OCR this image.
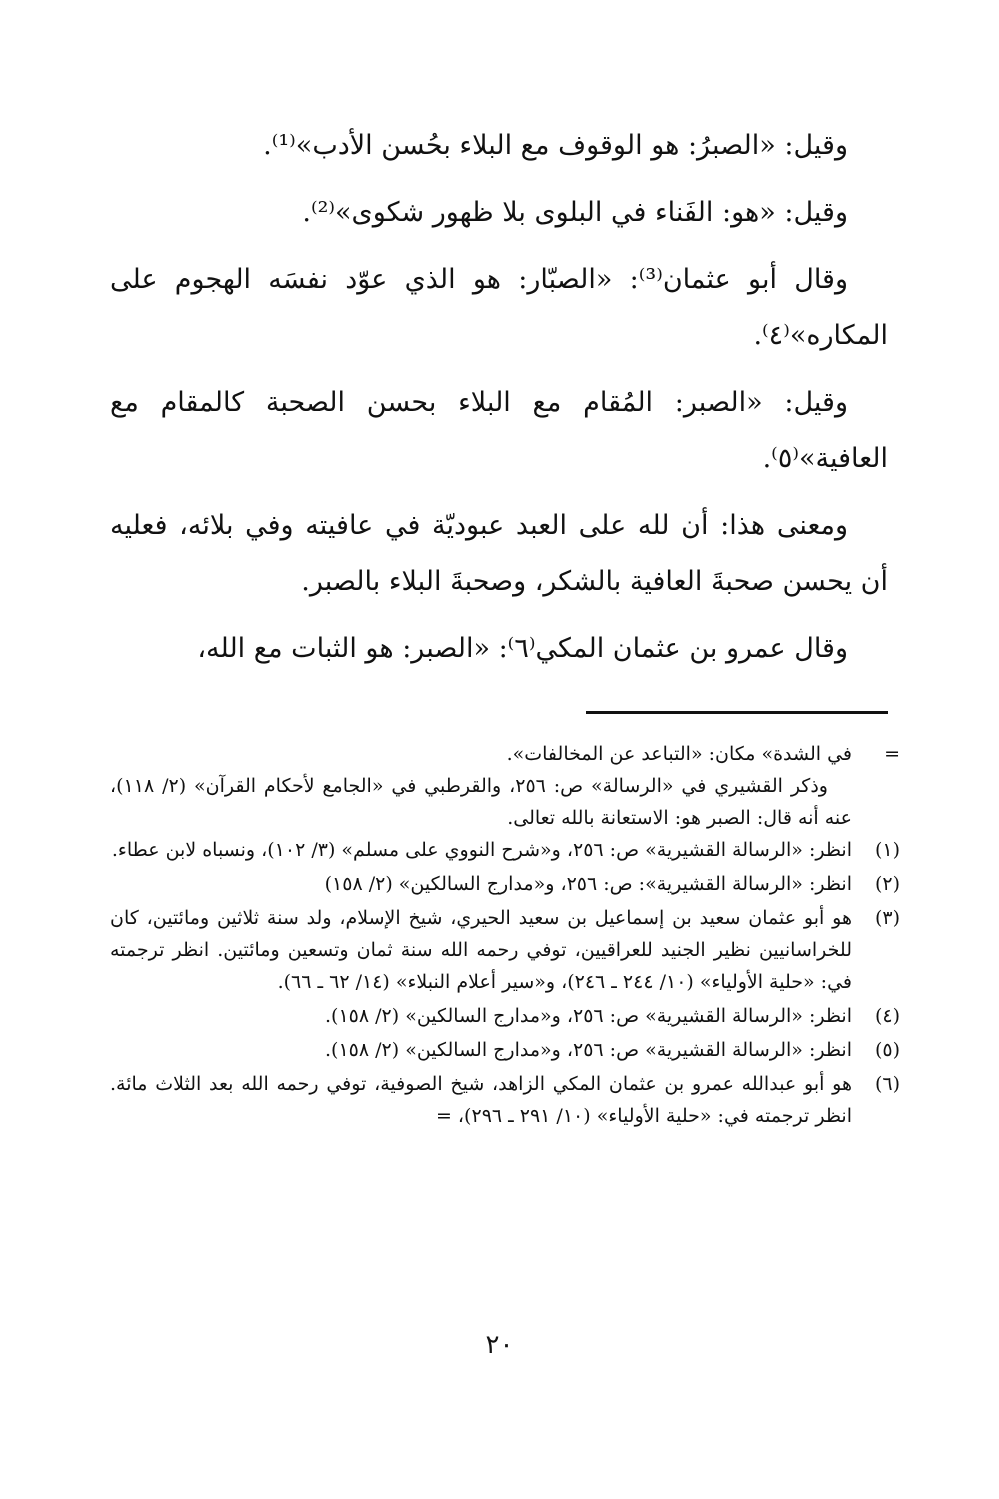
وقيل: «الصبرُ: هو الوقوف مع البلاء بحُسن الأدب»⁽¹⁾.

وقيل: «هو: الفَناء في البلوى بلا ظهور شكوى»⁽²⁾.

وقال أبو عثمان⁽³⁾: «الصبّار: هو الذي عوّد نفسَه الهجوم على المكاره»⁽٤⁾.

وقيل: «الصبر: المُقام مع البلاء بحسن الصحبة كالمقام مع العافية»⁽٥⁾.

ومعنى هذا: أن لله على العبد عبوديّة في عافيته وفي بلائه، فعليه أن يحسن صحبةَ العافية بالشكر، وصحبةَ البلاء بالصبر.

وقال عمرو بن عثمان المكي⁽٦⁾: «الصبر: هو الثبات مع الله،

=
في الشدة» مكان: «التباعد عن المخالفات».
وذكر القشيري في «الرسالة» ص: ٢٥٦، والقرطبي في «الجامع لأحكام القرآن» (٢/ ١١٨)، عنه أنه قال: الصبر هو: الاستعانة بالله تعالى.
(١)
انظر: «الرسالة القشيرية» ص: ٢٥٦، و«شرح النووي على مسلم» (٣/ ١٠٢)، ونسباه لابن عطاء.
(٢)
انظر: «الرسالة القشيرية»: ص: ٢٥٦، و«مدارج السالكين» (٢/ ١٥٨)
(٣)
هو أبو عثمان سعيد بن إسماعيل بن سعيد الحيري، شيخ الإسلام، ولد سنة ثلاثين ومائتين، كان للخراسانيين نظير الجنيد للعراقيين، توفي رحمه الله سنة ثمان وتسعين ومائتين. انظر ترجمته في: «حلية الأولياء» (١٠/ ٢٤٤ ـ ٢٤٦)، و«سير أعلام النبلاء» (١٤/ ٦٢ ـ ٦٦).
(٤)
انظر: «الرسالة القشيرية» ص: ٢٥٦، و«مدارج السالكين» (٢/ ١٥٨).
(٥)
انظر: «الرسالة القشيرية» ص: ٢٥٦، و«مدارج السالكين» (٢/ ١٥٨).
(٦)
هو أبو عبدالله عمرو بن عثمان المكي الزاهد، شيخ الصوفية، توفي رحمه الله بعد الثلاث مائة. انظر ترجمته في: «حلية الأولياء» (١٠/ ٢٩١ ـ ٢٩٦)، =
٢٠
